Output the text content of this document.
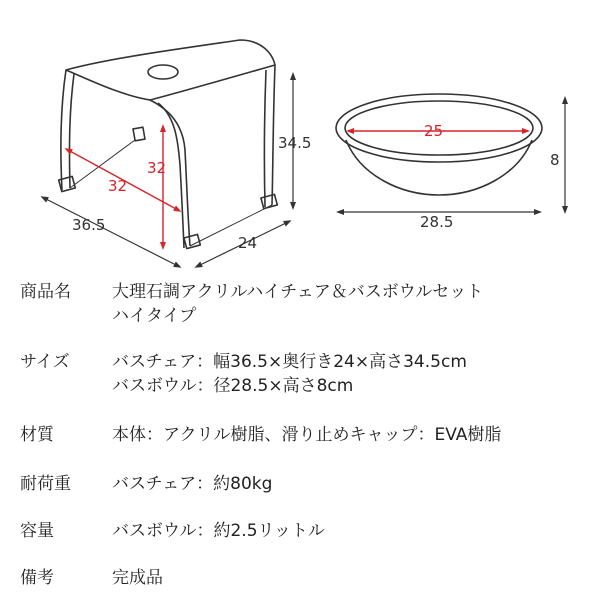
32
32
36.5
24
34.5
25
28.5
8
商品名 大理石調アクリルハイチェア＆バスボウルセット
ハイタイプ
サイズ バスチェア：幅36.5×奥行き24×高さ34.5cm
バスボウル：径28.5×高さ8cm
材質	本体：アクリル樹脂、滑り止めキャップ：EVA樹脂
耐荷重 バスチェア：約80kg
容量	バスボウル：約2.5リットル
備考	完成品
